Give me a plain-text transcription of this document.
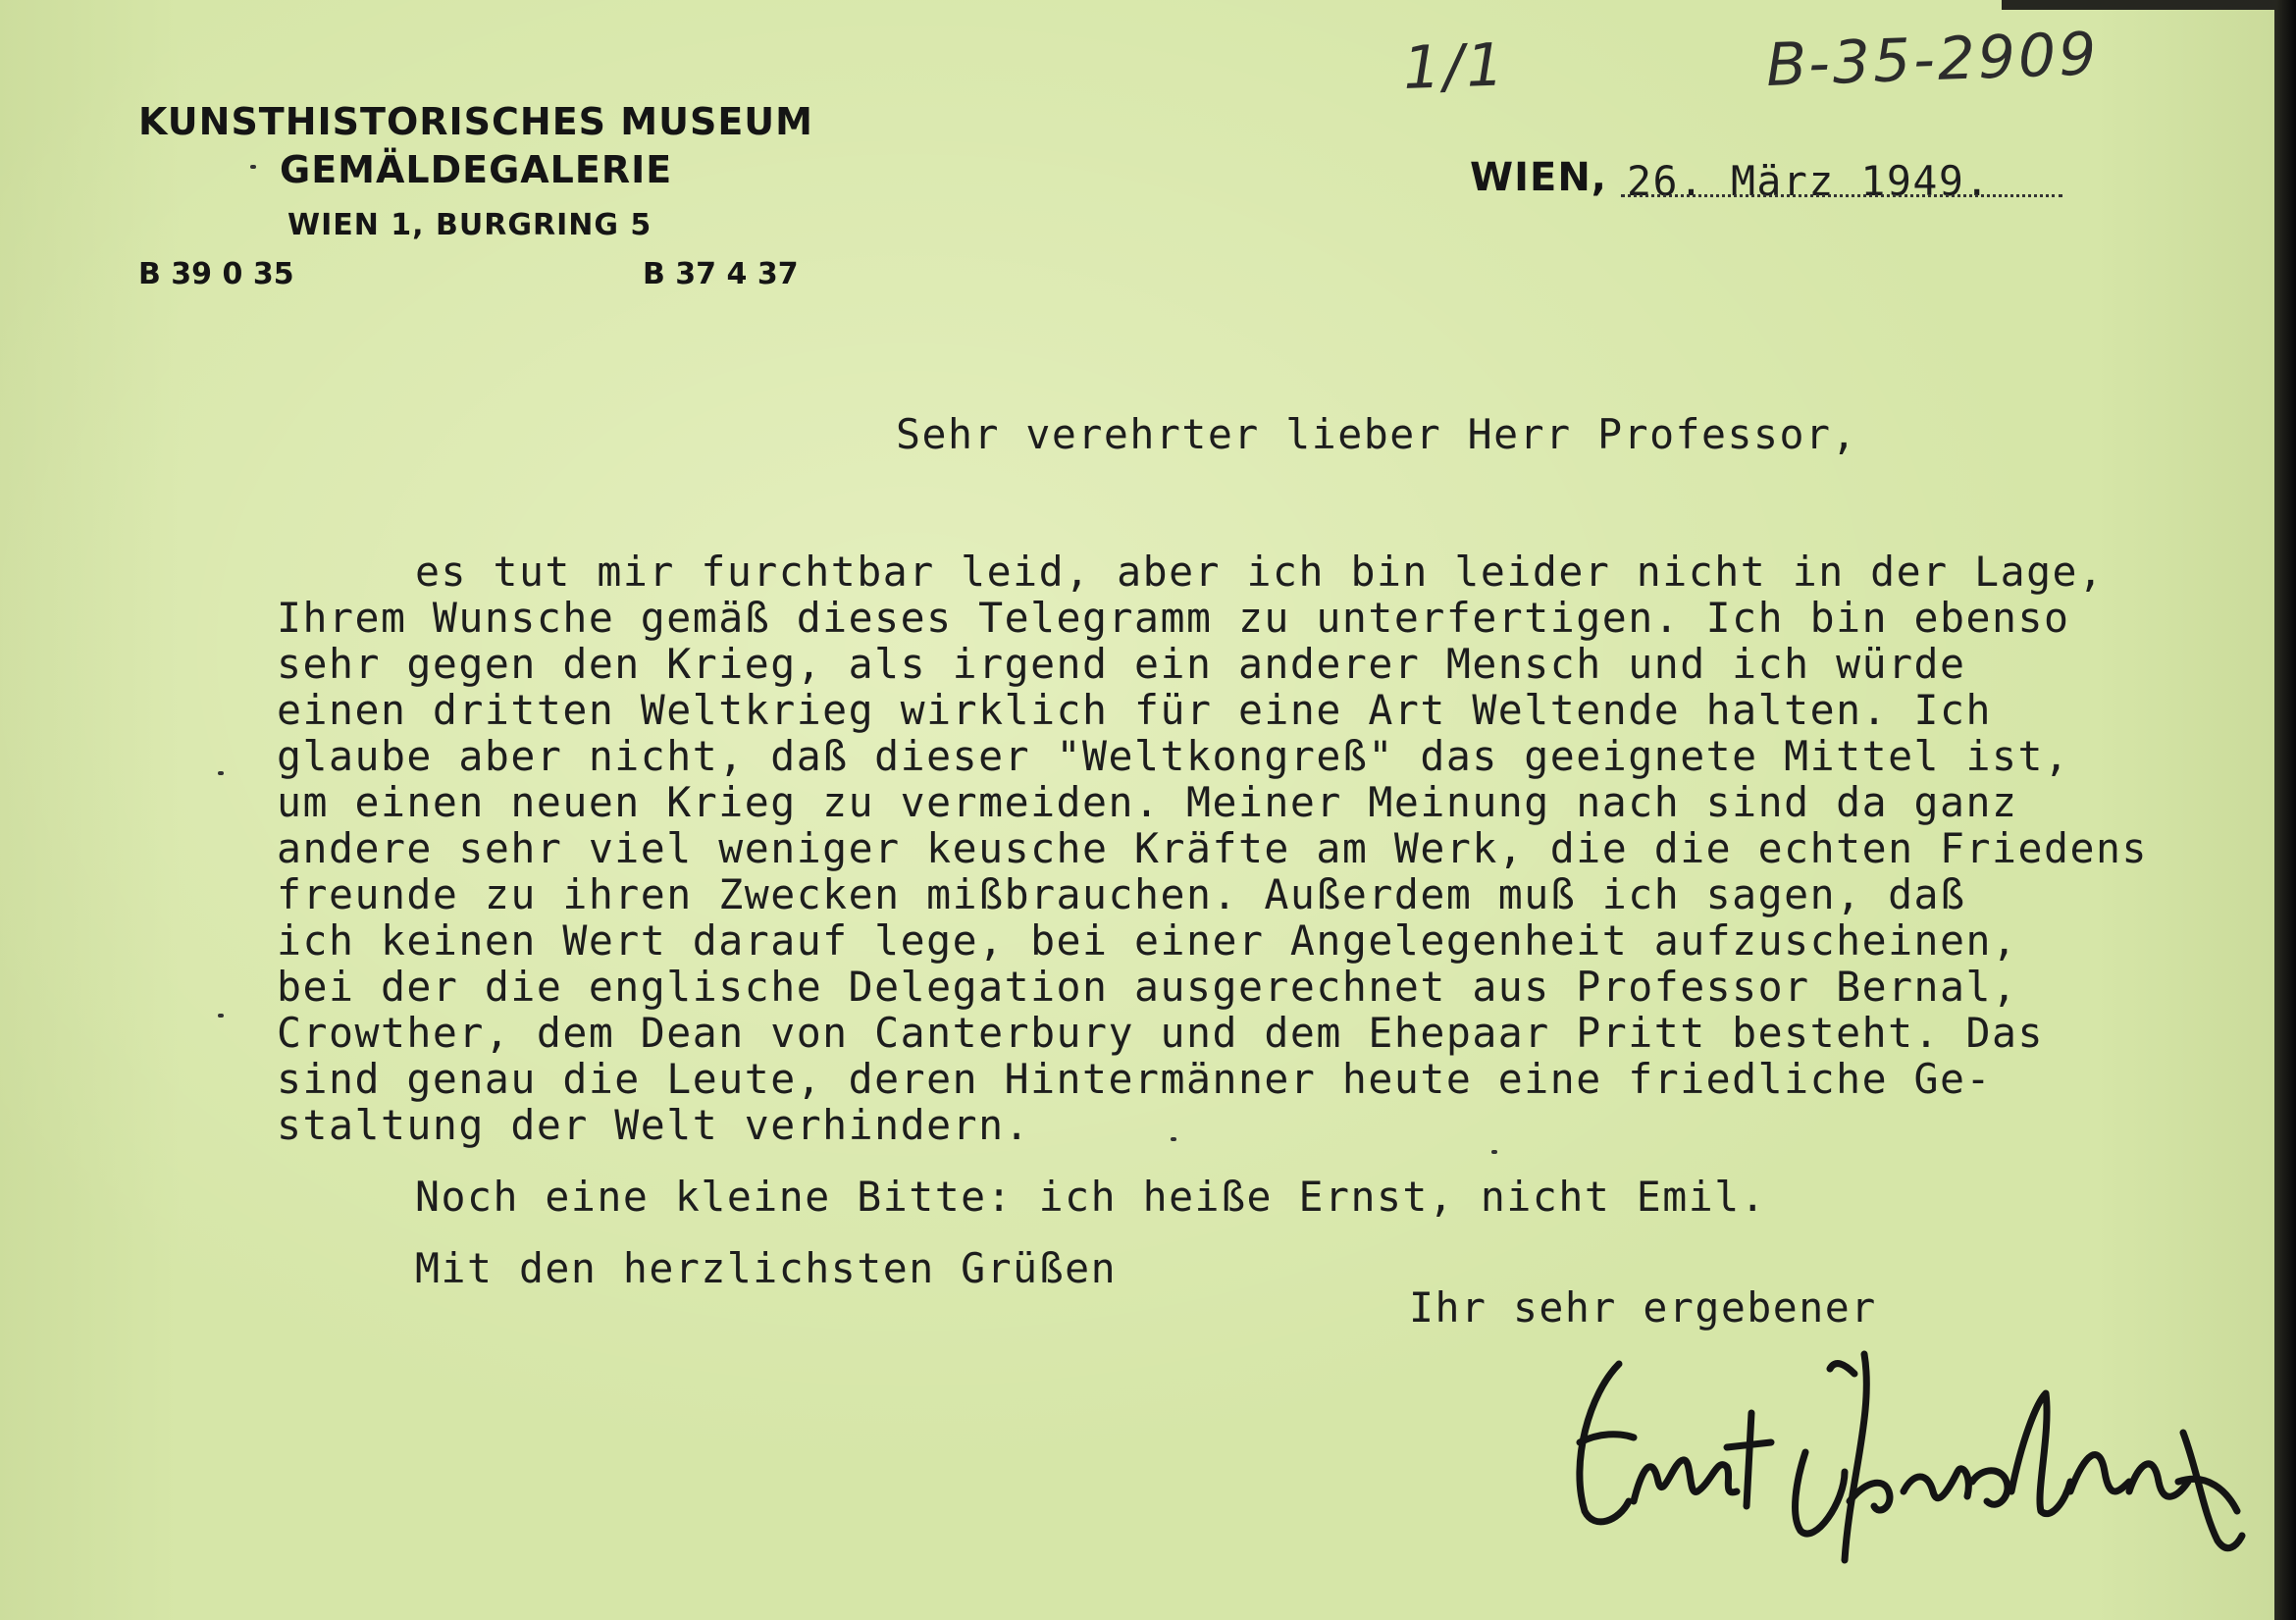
KUNSTHISTORISCHES MUSEUM
GEMÄLDEGALERIE
WIEN 1, BURGRING 5
B 39 0 35	B 37 4 37
1/1	B-35-2909
WIEN, 26. März 1949.
Sehr verehrter lieber Herr Professor,
es tut mir furchtbar leid, aber ich bin leider nicht in der Lage,
Ihrem Wunsche gemäß dieses Telegramm zu unterfertigen. Ich bin ebenso
sehr gegen den Krieg, als irgend ein anderer Mensch und ich würde
einen dritten Weltkrieg wirklich für eine Art Weltende halten. Ich
glaube aber nicht, daß dieser "Weltkongreß" das geeignete Mittel ist,
um einen neuen Krieg zu vermeiden. Meiner Meinung nach sind da ganz
andere sehr viel weniger keusche Kräfte am Werk, die die echten Friedens
freunde zu ihren Zwecken mißbrauchen. Außerdem muß ich sagen, daß
ich keinen Wert darauf lege, bei einer Angelegenheit aufzuscheinen,
bei der die englische Delegation ausgerechnet aus Professor Bernal,
Crowther, dem Dean von Canterbury und dem Ehepaar Pritt besteht. Das
sind genau die Leute, deren Hintermänner heute eine friedliche Ge-
staltung der Welt verhindern.
Noch eine kleine Bitte: ich heiße Ernst, nicht Emil.
Mit den herzlichsten Grüßen
Ihr sehr ergebener
